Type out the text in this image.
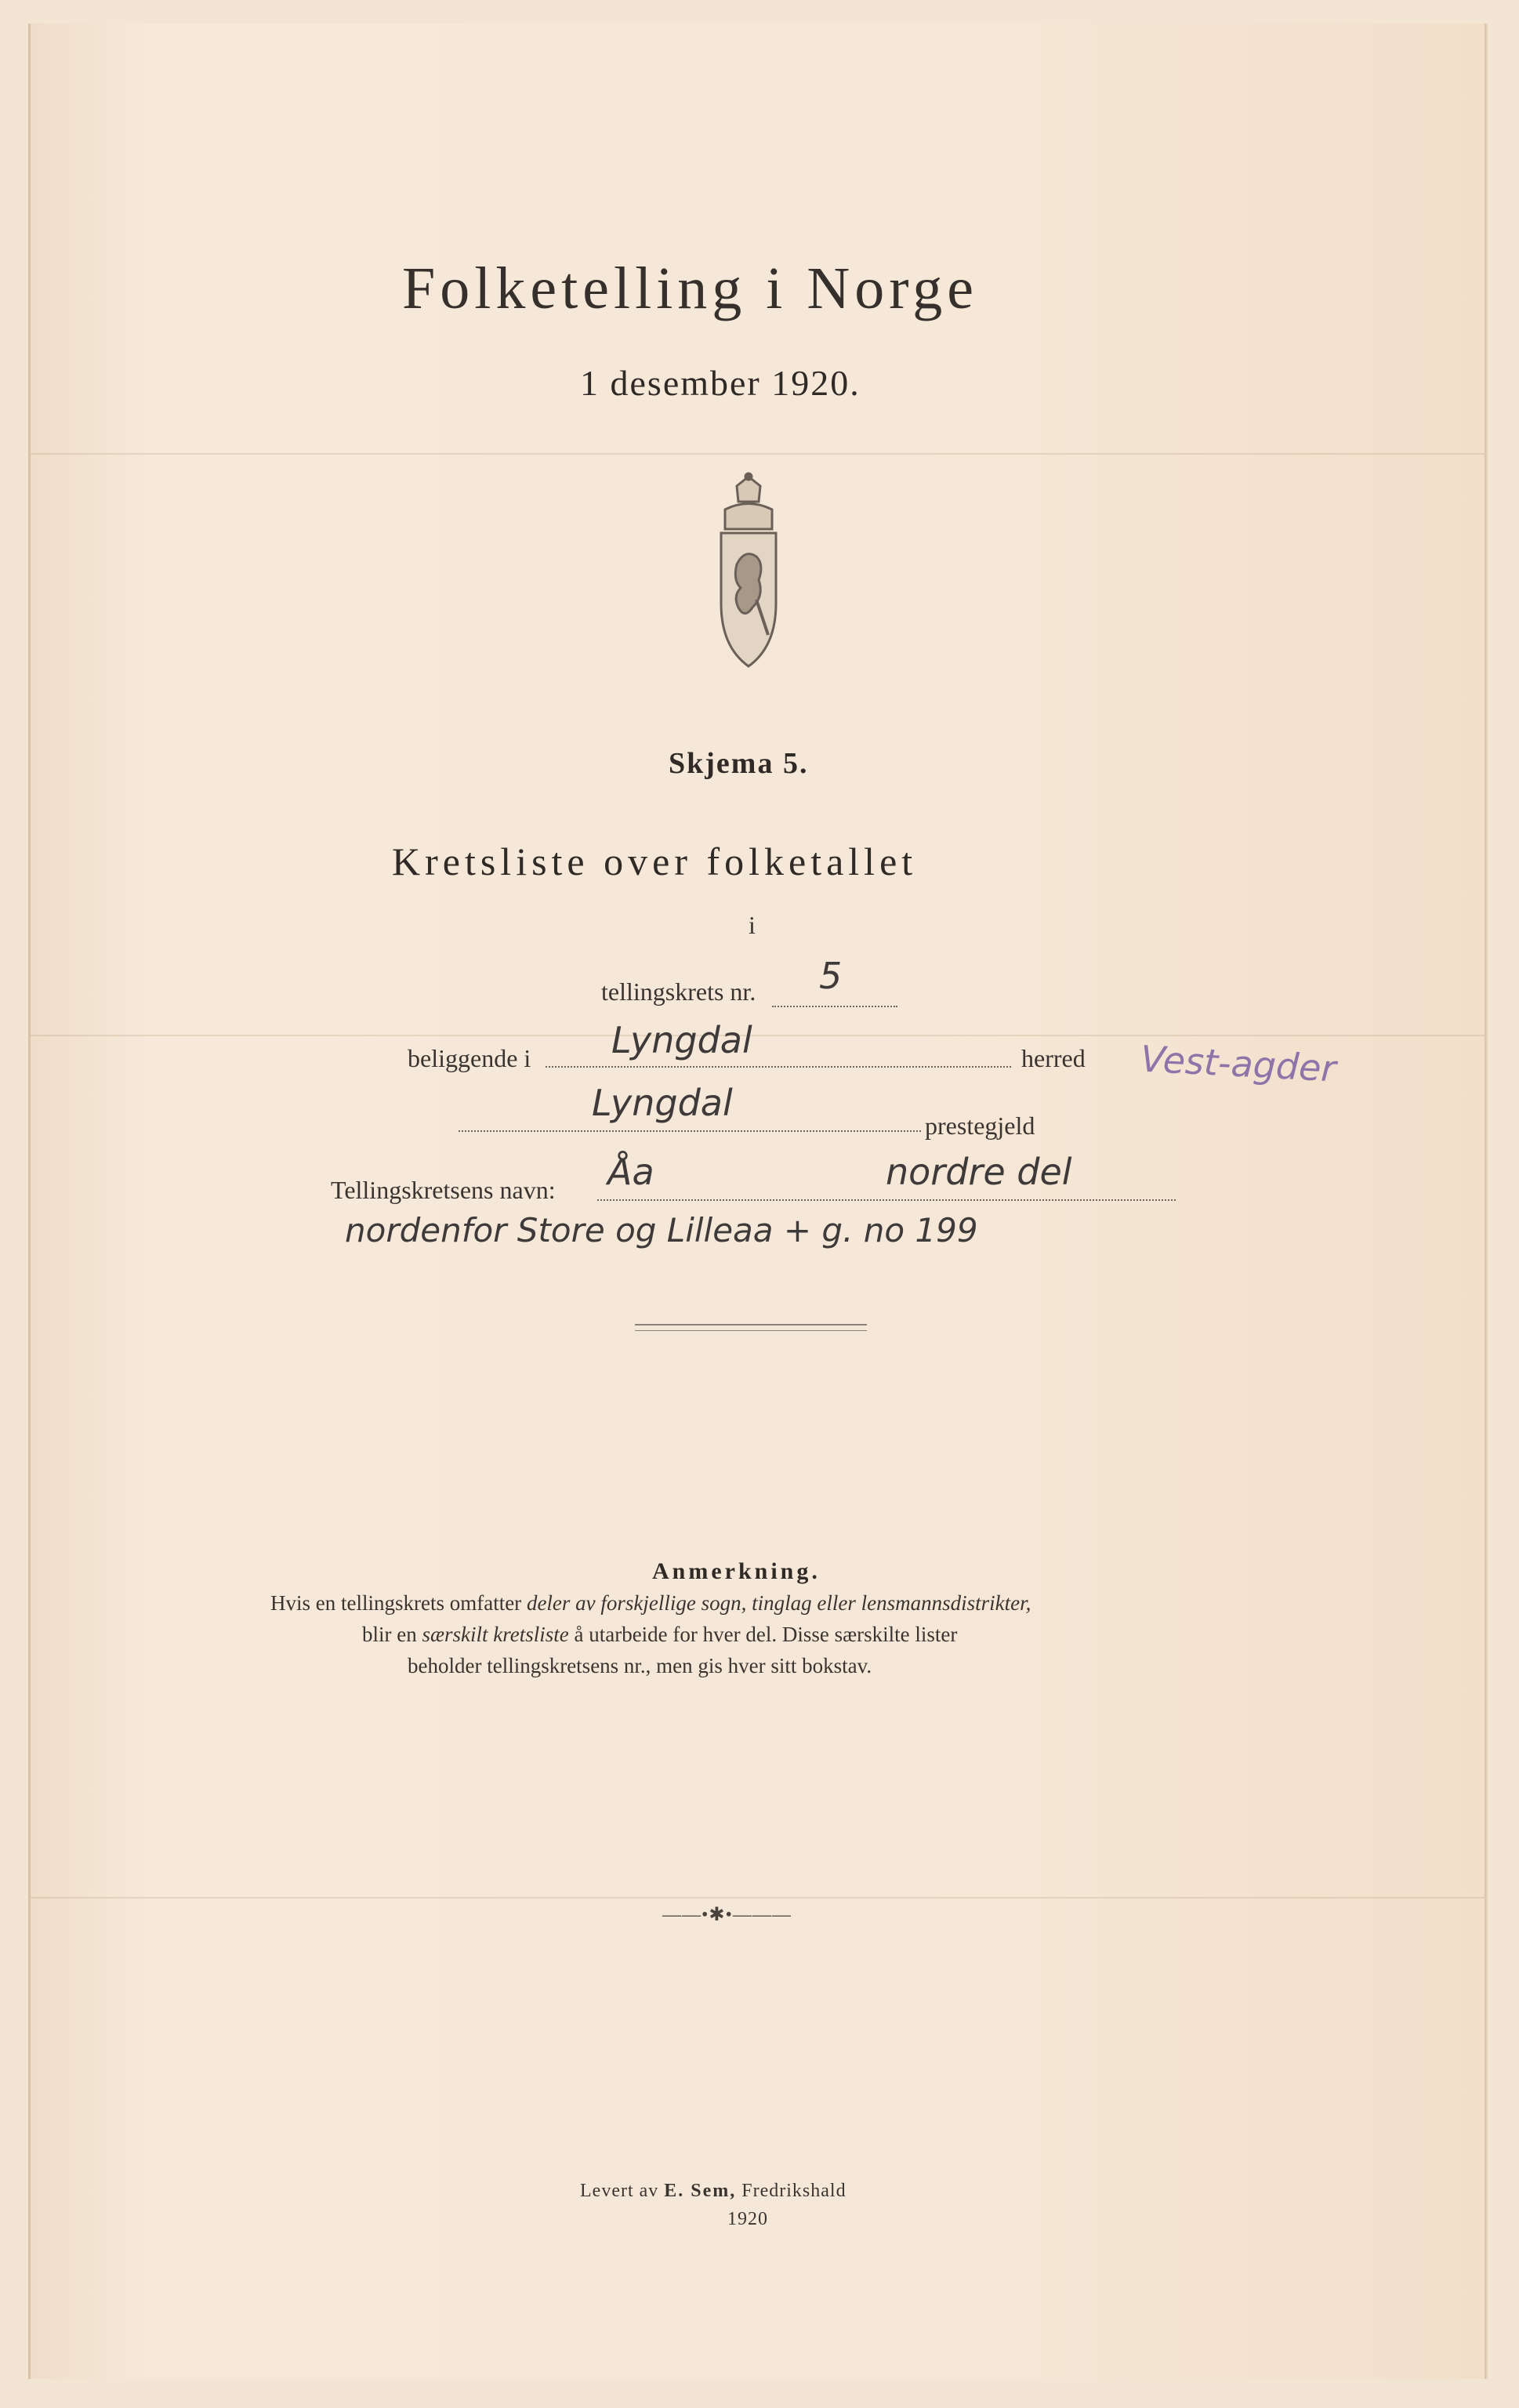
Folketelling i Norge
1 desember 1920.
Skjema 5.
Kretsliste over folketallet
i
tellingskrets nr. 5
beliggende i Lyngdal	herred Vest-agder
Lyngdal
prestegjeld
Tellingskretsens navn: Åa	nordre del
nordenfor Store og Lilleaa + g. no 199
Anmerkning.
Hvis en tellingskrets omfatter deler av forskjellige sogn, tinglag eller lensmannsdistrikter,
blir en særskilt kretsliste å utarbeide for hver del. Disse særskilte lister
beholder tellingskretsens nr., men gis hver sitt bokstav.
——•✱•———
Levert av E. Sem, Fredrikshald
1920
